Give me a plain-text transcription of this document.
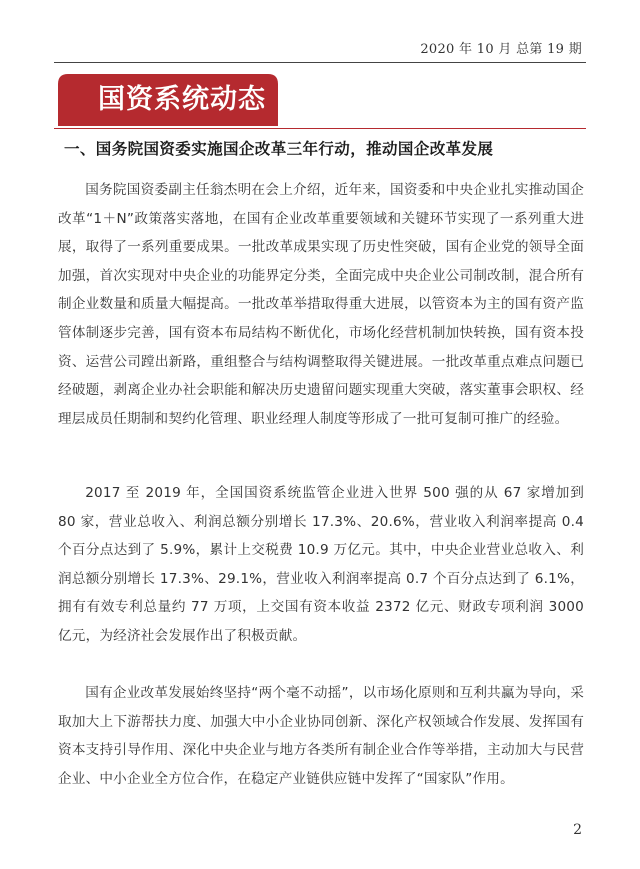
2020 年 10 月 总第 19 期
国资系统动态
一、国务院国资委实施国企改革三年行动，推动国企改革发展

国务院国资委副主任翁杰明在会上介绍，近年来，国资委和中央企业扎实推动国企改革“1＋N”政策落实落地，在国有企业改革重要领域和关键环节实现了一系列重大进展，取得了一系列重要成果。一批改革成果实现了历史性突破，国有企业党的领导全面加强，首次实现对中央企业的功能界定分类，全面完成中央企业公司制改制，混合所有制企业数量和质量大幅提高。一批改革举措取得重大进展，以管资本为主的国有资产监管体制逐步完善，国有资本布局结构不断优化，市场化经营机制加快转换，国有资本投资、运营公司蹚出新路，重组整合与结构调整取得关键进展。一批改革重点难点问题已经破题，剥离企业办社会职能和解决历史遗留问题实现重大突破，落实董事会职权、经理层成员任期制和契约化管理、职业经理人制度等形成了一批可复制可推广的经验。

2017 至 2019 年，全国国资系统监管企业进入世界 500 强的从 67 家增加到 80 家，营业总收入、利润总额分别增长 17.3%、20.6%，营业收入利润率提高 0.4 个百分点达到了 5.9%，累计上交税费 10.9 万亿元。其中，中央企业营业总收入、利润总额分别增长 17.3%、29.1%，营业收入利润率提高 0.7 个百分点达到了 6.1%，拥有有效专利总量约 77 万项，上交国有资本收益 2372 亿元、财政专项利润 3000 亿元，为经济社会发展作出了积极贡献。

国有企业改革发展始终坚持“两个毫不动摇”，以市场化原则和互利共赢为导向，采取加大上下游帮扶力度、加强大中小企业协同创新、深化产权领域合作发展、发挥国有资本支持引导作用、深化中央企业与地方各类所有制企业合作等举措，主动加大与民营企业、中小企业全方位合作，在稳定产业链供应链中发挥了“国家队”作用。

2
